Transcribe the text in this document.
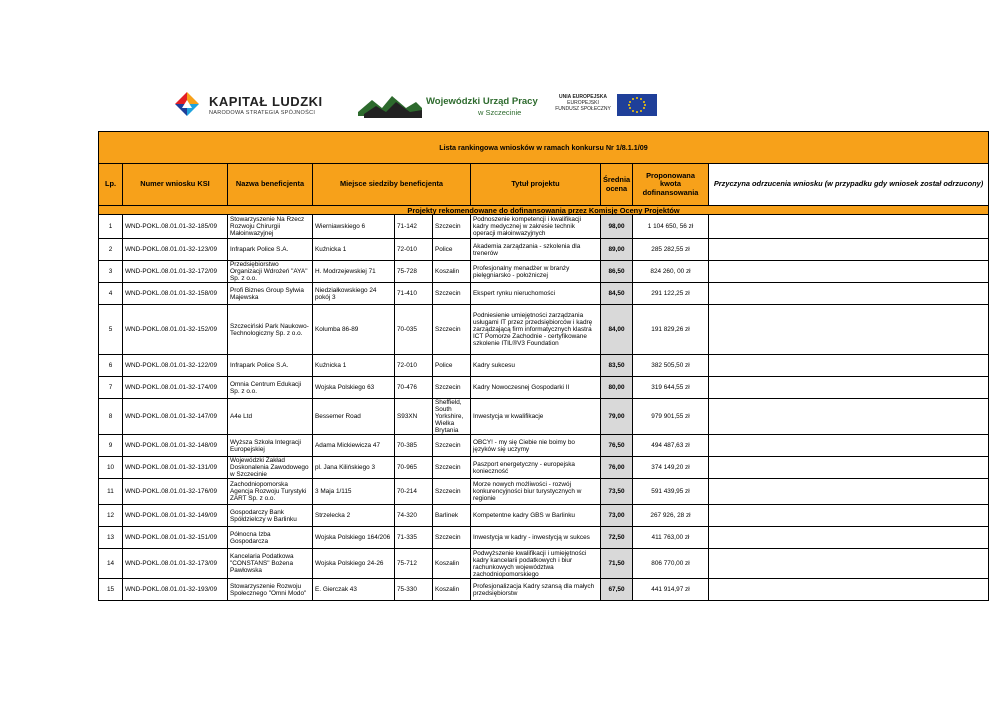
KAPITAŁ LUDZKI
NARODOWA STRATEGIA SPÓJNOŚCI
Wojewódzki Urząd Pracy
w Szczecinie
UNIA EUROPEJSKA
EUROPEJSKI
FUNDUSZ SPOŁECZNY
Lista rankingowa wniosków w ramach konkursu Nr 1/8.1.1/09									
Lp.	Numer wniosku KSI	Nazwa beneficjenta	Miejsce siedziby beneficjenta			Tytuł projektu	Średnia ocena	Proponowana kwota dofinansowania	Przyczyna odrzucenia wniosku (w przypadku gdy wniosek został odrzucony)
Projekty rekomendowane do dofinansowania przez Komisję Oceny Projektów									
1	WND-POKL.08.01.01-32-185/09	Stowarzyszenie Na Rzecz Rozwoju Chirurgii Małoinwazyjnej	Wierniawskiego 6	71-142	Szczecin	Podnoszenie kompetencji i kwalifikacji kadry medycznej w zakresie technik operacji małoinwazyjnych	98,00	1 104 650, 56 zł	
2	WND-POKL.08.01.01-32-123/09	Infrapark Police S.A.	Kuźnicka 1	72-010	Police	Akademia zarządzania - szkolenia dla trenerów	89,00	285 282,55 zł	
3	WND-POKL.08.01.01-32-172/09	Przedsiębiorstwo Organizacji Wdrożeń "AYA" Sp. z o.o.	H. Modrzejewskiej 71	75-728	Koszalin	Profesjonalny menadżer w branży pielęgniarsko - położniczej	86,50	824 260, 00 zł	
4	WND-POKL.08.01.01-32-158/09	Profi Biznes Group Sylwia Majewska	Niedziałkowskiego 24 pokój 3	71-410	Szczecin	Ekspert rynku nieruchomości	84,50	291 122,25 zł	
5	WND-POKL.08.01.01-32-152/09	Szczeciński Park Naukowo-Technologiczny Sp. z o.o.	Kolumba 86-89	70-035	Szczecin	Podniesienie umiejętności zarządzania usługami IT przez przedsiębiorców i kadrę zarządzającą firm informatycznych klastra ICT Pomorze Zachodnie - certyfikowane szkolenie ITIL®V3 Foundation	84,00	191 829,26 zł	
6	WND-POKL.08.01.01-32-122/09	Infrapark Police S.A.	Kuźnicka 1	72-010	Police	Kadry sukcesu	83,50	382 505,50 zł	
7	WND-POKL.08.01.01-32-174/09	Omnia Centrum Edukacji Sp. z o.o.	Wojska Polskiego 63	70-476	Szczecin	Kadry Nowoczesnej Gospodarki II	80,00	319 644,55 zł	
8	WND-POKL.08.01.01-32-147/09	A4e Ltd	Bessemer Road	S93XN	Sheffield, South Yorkshire, Wielka Brytania	Inwestycja w kwalifikacje	79,00	979 901,55 zł	
9	WND-POKL.08.01.01-32-148/09	Wyższa Szkoła Integracji Europejskiej	Adama Mickiewicza 47	70-385	Szczecin	OBCY! - my się Ciebie nie boimy bo języków się uczymy	76,50	494 487,63 zł	
10	WND-POKL.08.01.01-32-131/09	Wojewódzki Zakład Doskonalenia Zawodowego w Szczecinie	pl. Jana Kilińskiego 3	70-965	Szczecin	Paszport energetyczny - europejska konieczność	76,00	374 149,20 zł	
11	WND-POKL.08.01.01-32-176/09	Zachodniopomorska Agencja Rozwoju Turystyki ZART Sp. z o.o.	3 Maja 1/115	70-214	Szczecin	Morze nowych możliwości - rozwój konkurencyjności biur turystycznych w regionie	73,50	591 439,95 zł	
12	WND-POKL.08.01.01-32-149/09	Gospodarczy Bank Spółdzielczy w Barlinku	Strzelecka 2	74-320	Barlinek	Kompetentne kadry GBS w Barlinku	73,00	267 926, 28 zł	
13	WND-POKL.08.01.01-32-151/09	Północna Izba Gospodarcza	Wojska Polskiego 164/206	71-335	Szczecin	Inwestycja w kadry - inwestycją w sukces	72,50	411 763,00 zł	
14	WND-POKL.08.01.01-32-173/09	Kancelaria Podatkowa "CONSTANS" Bożena Pawłowska	Wojska Polskiego 24-26	75-712	Koszalin	Podwyższenie kwalifikacji i umiejętności kadry kancelarii podatkowych i biur rachunkowych województwa zachodniopomorskiego	71,50	806 770,00 zł	
15	WND-POKL.08.01.01-32-193/09	Stowarzyszenie Rozwoju Społecznego "Omni Modo"	E. Gierczak 43	75-330	Koszalin	Profesjonalizacja Kadry szansą dla małych przedsiębiorstw	67,50	441 914,97 zł	
